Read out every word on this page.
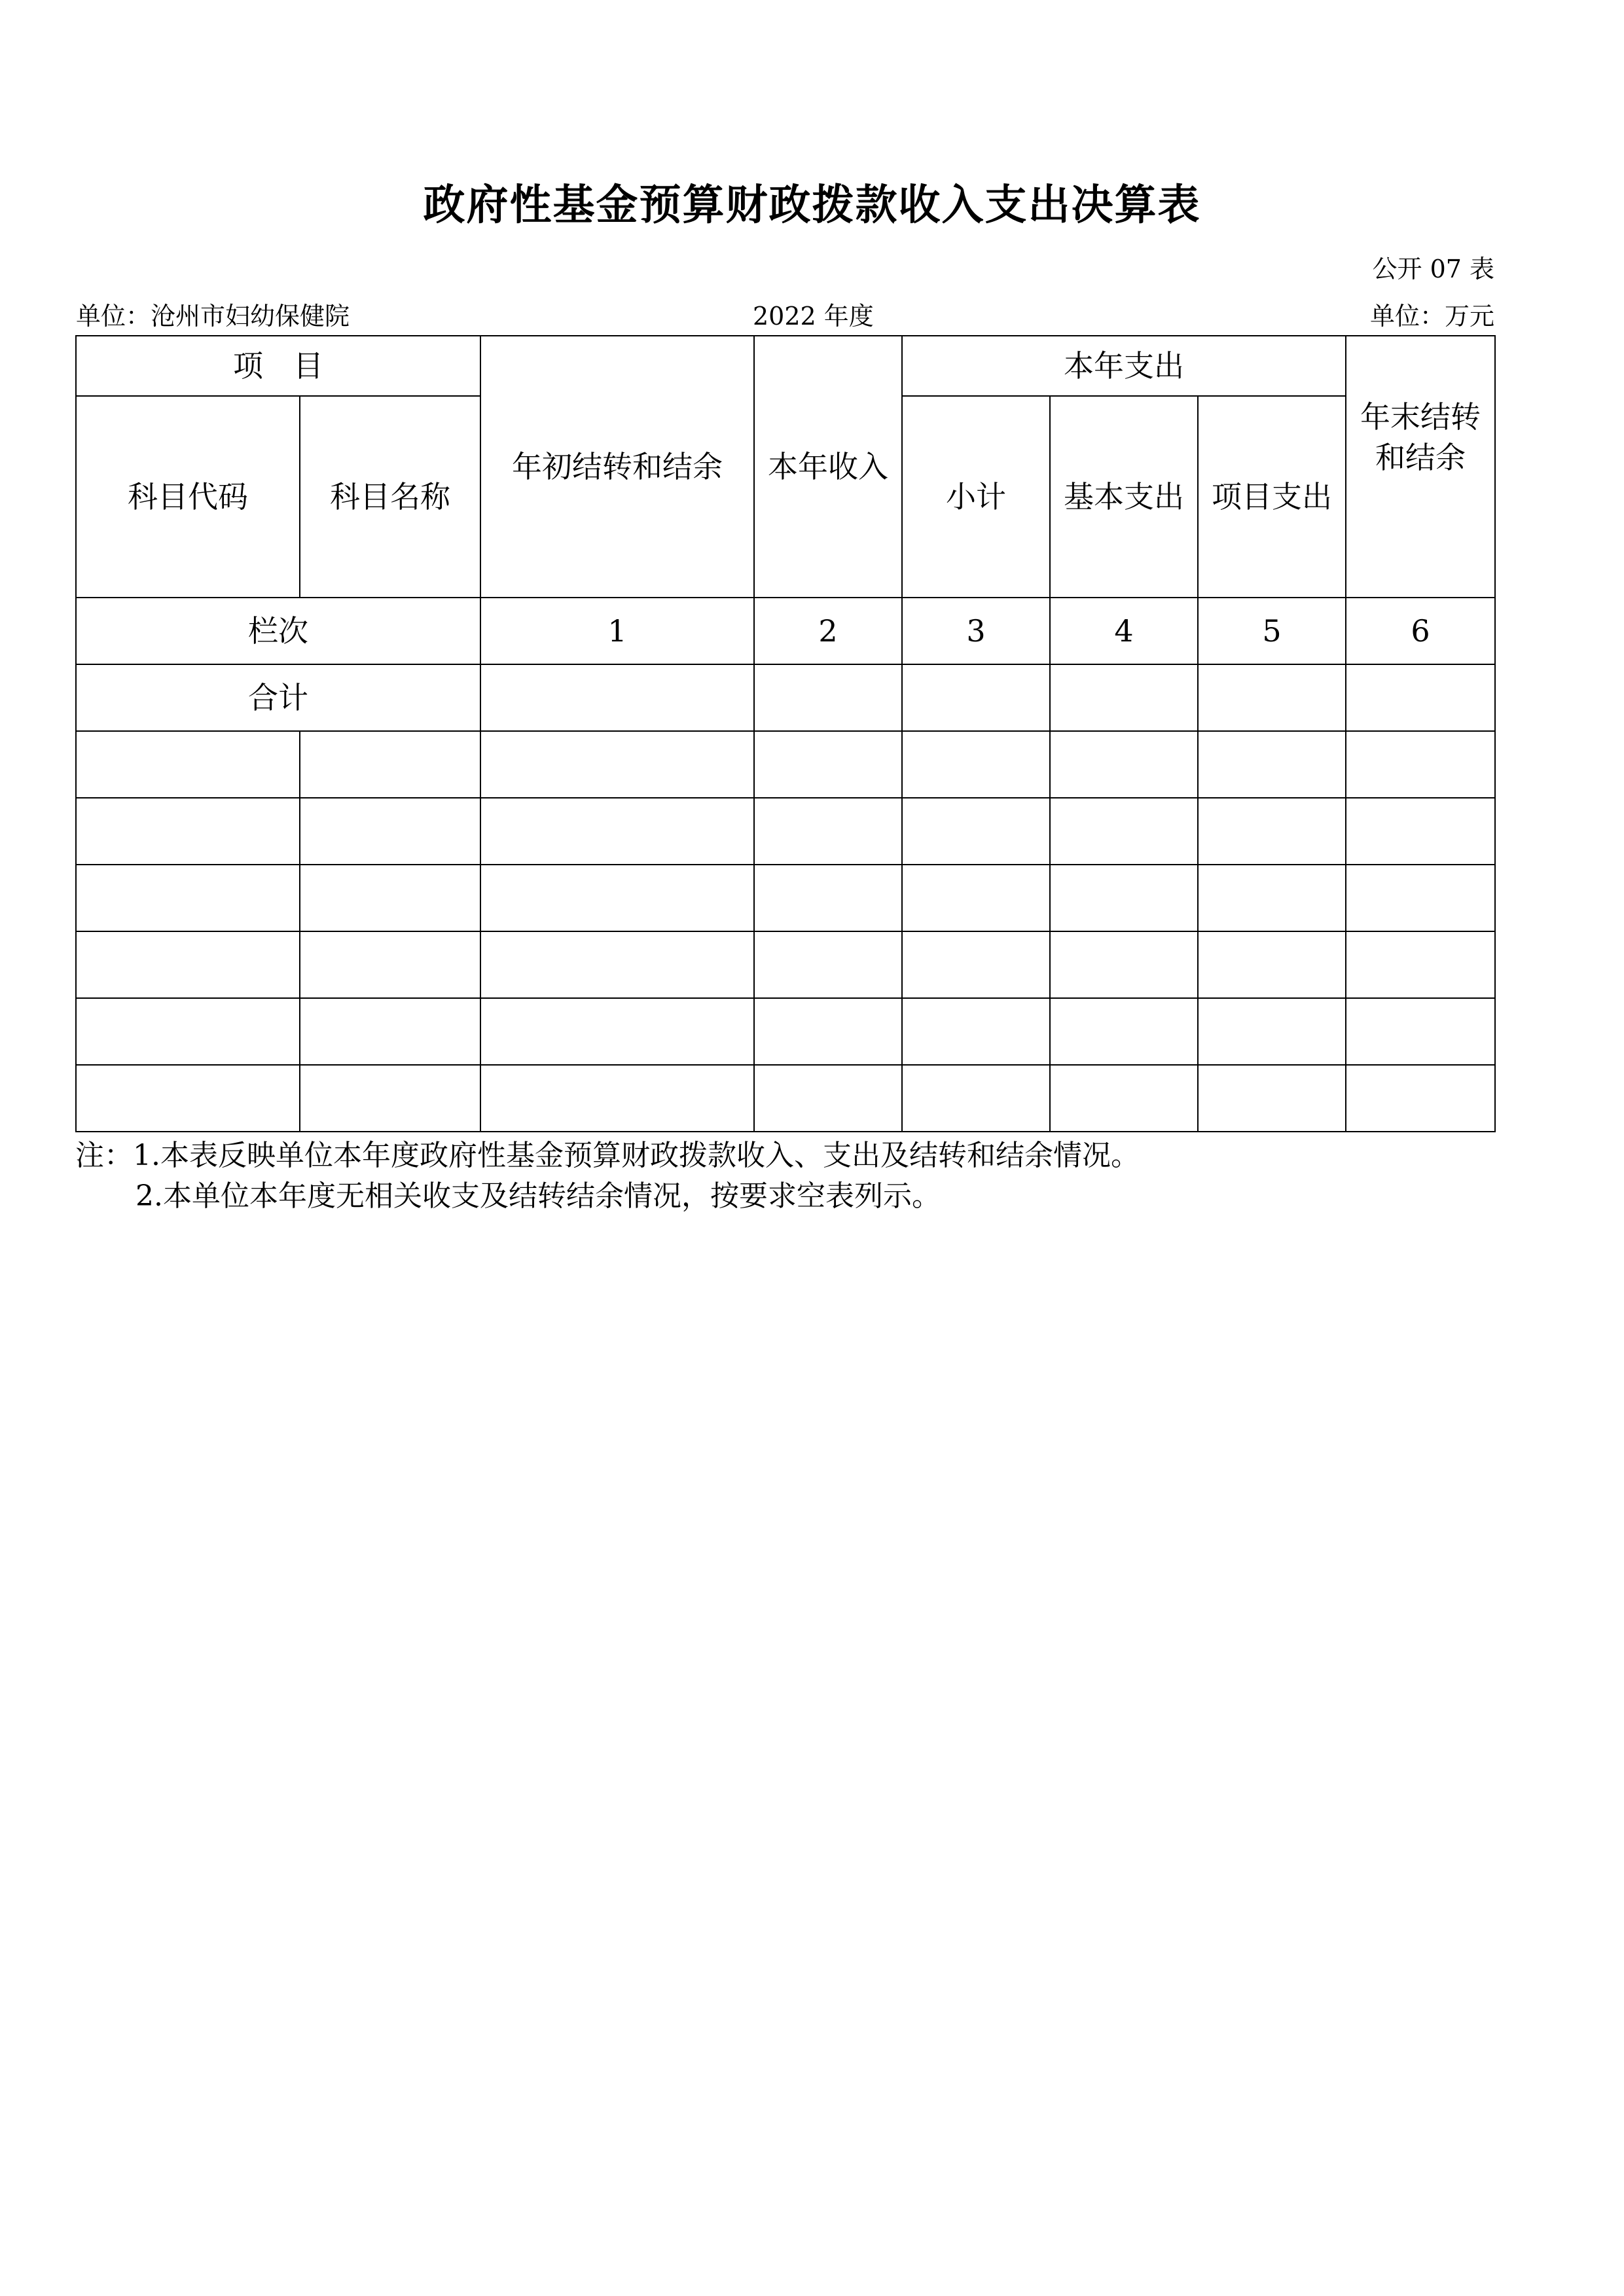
政府性基金预算财政拨款收入支出决算表
公开 07 表
单位：沧州市妇幼保健院	2022 年度	单位：万元
项　目		年初结转和结余	本年收入	本年支出			年末结转和结余
科目代码	科目名称			小计	基本支出	项目支出	
栏次		1	2	3	4	5	6
合计							

注：1.本表反映单位本年度政府性基金预算财政拨款收入、支出及结转和结余情况。
2.本单位本年度无相关收支及结转结余情况，按要求空表列示。
